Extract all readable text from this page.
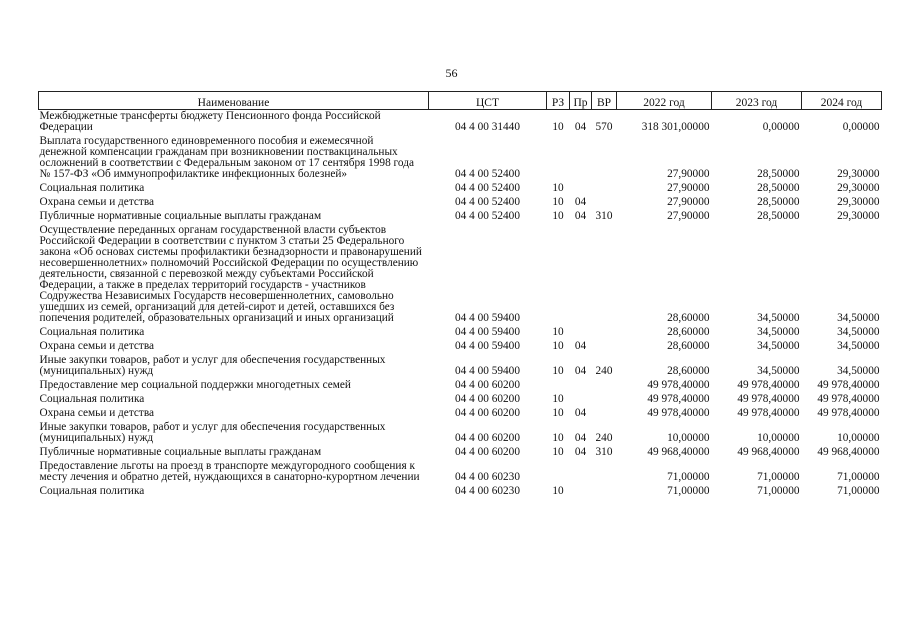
56
Наименование	ЦСТ	РЗ	Пр	ВР	2022 год	2023 год	2024 год
Межбюджетные трансферты бюджету Пенсионного фонда Российской Федерации	04 4 00 31440	10	04	570	318 301,00000	0,00000	0,00000
Выплата государственного единовременного пособия и ежемесячной денежной компенсации гражданам при возникновении поствакцинальных осложнений в соответствии с Федеральным законом от 17 сентября 1998 года № 157-ФЗ «Об иммунопрофилактике инфекционных болезней»	04 4 00 52400				27,90000	28,50000	29,30000
Социальная политика	04 4 00 52400	10			27,90000	28,50000	29,30000
Охрана семьи и детства	04 4 00 52400	10	04		27,90000	28,50000	29,30000
Публичные нормативные социальные выплаты гражданам	04 4 00 52400	10	04	310	27,90000	28,50000	29,30000
Осуществление переданных органам государственной власти субъектов Российской Федерации в соответствии с пунктом 3 статьи 25 Федерального закона «Об основах системы профилактики безнадзорности и правонарушений несовершеннолетних» полномочий Российской Федерации по осуществлению деятельности, связанной с перевозкой между субъектами Российской Федерации, а также в пределах территорий государств - участников Содружества Независимых Государств несовершеннолетних, самовольно ушедших из семей, организаций для детей-сирот и детей, оставшихся без попечения родителей, образовательных организаций и иных организаций	04 4 00 59400				28,60000	34,50000	34,50000
Социальная политика	04 4 00 59400	10			28,60000	34,50000	34,50000
Охрана семьи и детства	04 4 00 59400	10	04		28,60000	34,50000	34,50000
Иные закупки товаров, работ и услуг для обеспечения государственных (муниципальных) нужд	04 4 00 59400	10	04	240	28,60000	34,50000	34,50000
Предоставление мер социальной поддержки многодетных семей	04 4 00 60200				49 978,40000	49 978,40000	49 978,40000
Социальная политика	04 4 00 60200	10			49 978,40000	49 978,40000	49 978,40000
Охрана семьи и детства	04 4 00 60200	10	04		49 978,40000	49 978,40000	49 978,40000
Иные закупки товаров, работ и услуг для обеспечения государственных (муниципальных) нужд	04 4 00 60200	10	04	240	10,00000	10,00000	10,00000
Публичные нормативные социальные выплаты гражданам	04 4 00 60200	10	04	310	49 968,40000	49 968,40000	49 968,40000
Предоставление льготы на проезд в транспорте междугородного сообщения к месту лечения и обратно детей, нуждающихся в санаторно-курортном лечении	04 4 00 60230				71,00000	71,00000	71,00000
Социальная политика	04 4 00 60230	10			71,00000	71,00000	71,00000
